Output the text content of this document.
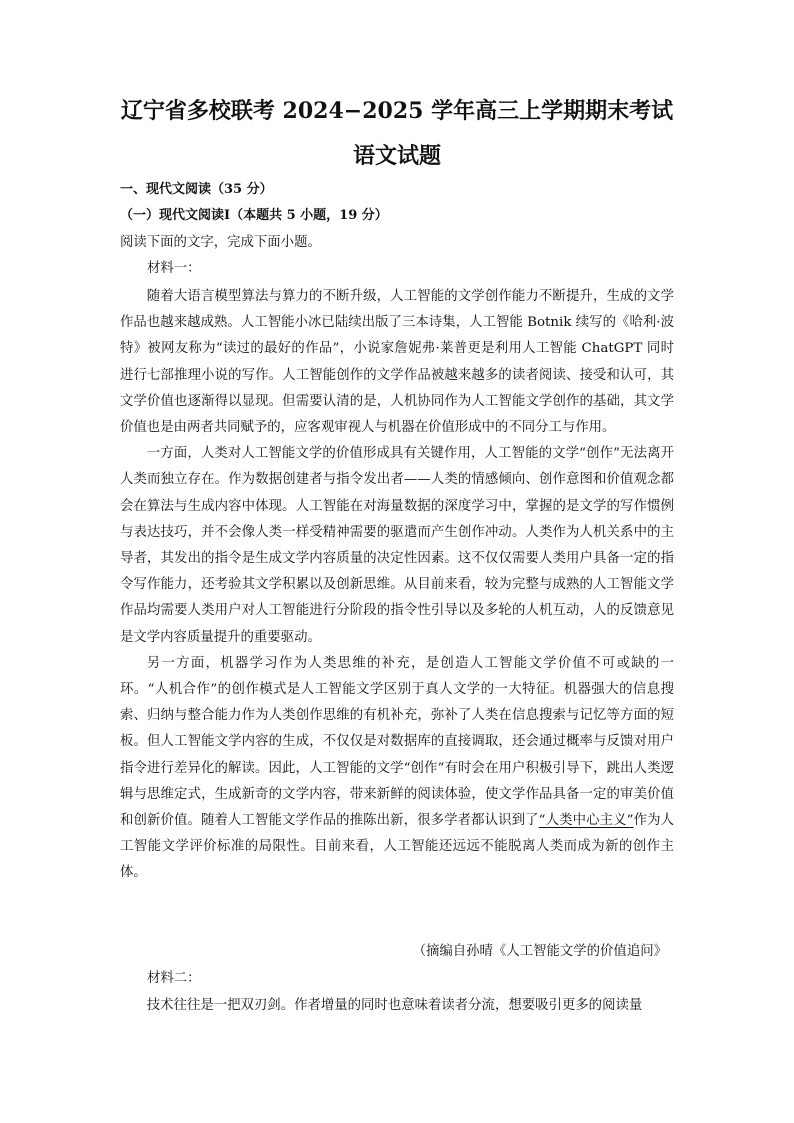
辽宁省多校联考 2024−2025 学年高三上学期期末考试
语文试题
一、现代文阅读（35 分）
（一）现代文阅读Ⅰ（本题共 5 小题，19 分）
阅读下面的文字，完成下面小题。
材料一：

随着大语言模型算法与算力的不断升级，人工智能的文学创作能力不断提升，生成的文学作品也越来越成熟。人工智能小冰已陆续出版了三本诗集，人工智能 Botnik 续写的《哈利·波特》被网友称为“读过的最好的作品”，小说家詹妮弗·莱普更是利用人工智能 ChatGPT 同时进行七部推理小说的写作。人工智能创作的文学作品被越来越多的读者阅读、接受和认可，其文学价值也逐渐得以显现。但需要认清的是，人机协同作为人工智能文学创作的基础，其文学价值也是由两者共同赋予的，应客观审视人与机器在价值形成中的不同分工与作用。

一方面，人类对人工智能文学的价值形成具有关键作用，人工智能的文学“创作”无法离开人类而独立存在。作为数据创建者与指令发出者——人类的情感倾向、创作意图和价值观念都会在算法与生成内容中体现。人工智能在对海量数据的深度学习中，掌握的是文学的写作惯例与表达技巧，并不会像人类一样受精神需要的驱遣而产生创作冲动。人类作为人机关系中的主导者，其发出的指令是生成文学内容质量的决定性因素。这不仅仅需要人类用户具备一定的指令写作能力，还考验其文学积累以及创新思维。从目前来看，较为完整与成熟的人工智能文学作品均需要人类用户对人工智能进行分阶段的指令性引导以及多轮的人机互动，人的反馈意见是文学内容质量提升的重要驱动。

另一方面，机器学习作为人类思维的补充，是创造人工智能文学价值不可或缺的一环。“人机合作”的创作模式是人工智能文学区别于真人文学的一大特征。机器强大的信息搜索、归纳与整合能力作为人类创作思维的有机补充，弥补了人类在信息搜索与记忆等方面的短板。但人工智能文学内容的生成，不仅仅是对数据库的直接调取，还会通过概率与反馈对用户指令进行差异化的解读。因此，人工智能的文学“创作”有时会在用户积极引导下，跳出人类逻辑与思维定式，生成新奇的文学内容，带来新鲜的阅读体验，使文学作品具备一定的审美价值和创新价值。随着人工智能文学作品的推陈出新，很多学者都认识到了“人类中心主义”作为人工智能文学评价标准的局限性。目前来看，人工智能还远远不能脱离人类而成为新的创作主体。

（摘编自孙晴《人工智能文学的价值追问》
材料二：

技术往往是一把双刃剑。作者增量的同时也意味着读者分流，想要吸引更多的阅读量
